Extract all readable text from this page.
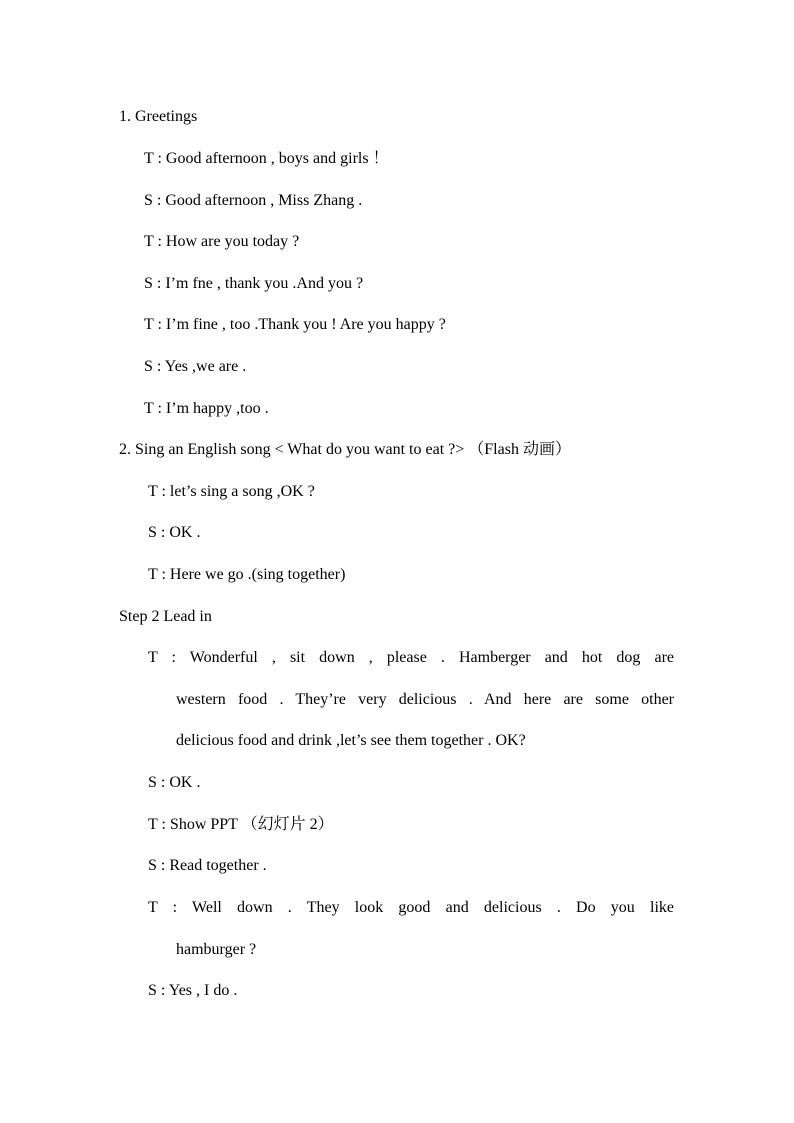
1. Greetings
T : Good afternoon , boys and girls ！
S : Good afternoon , Miss Zhang .
T : How are you today ?
S : I’m fne , thank you .And you ?
T : I’m fine , too .Thank you ! Are you happy ?
S : Yes ,we are .
T : I’m happy ,too .
2. Sing an English song < What do you want to eat ?> （Flash 动画）
T : let’s sing a song ,OK ?
S : OK .
T : Here we go .(sing together)
Step 2 Lead in
T : Wonderful , sit down , please . Hamberger and hot dog are
western food . They’re very delicious . And here are some other
delicious food and drink ,let’s see them together . OK?
S : OK .
T : Show PPT （幻灯片 2）
S : Read together .
T : Well down . They look good and delicious . Do you like
hamburger ?
S : Yes , I do .
